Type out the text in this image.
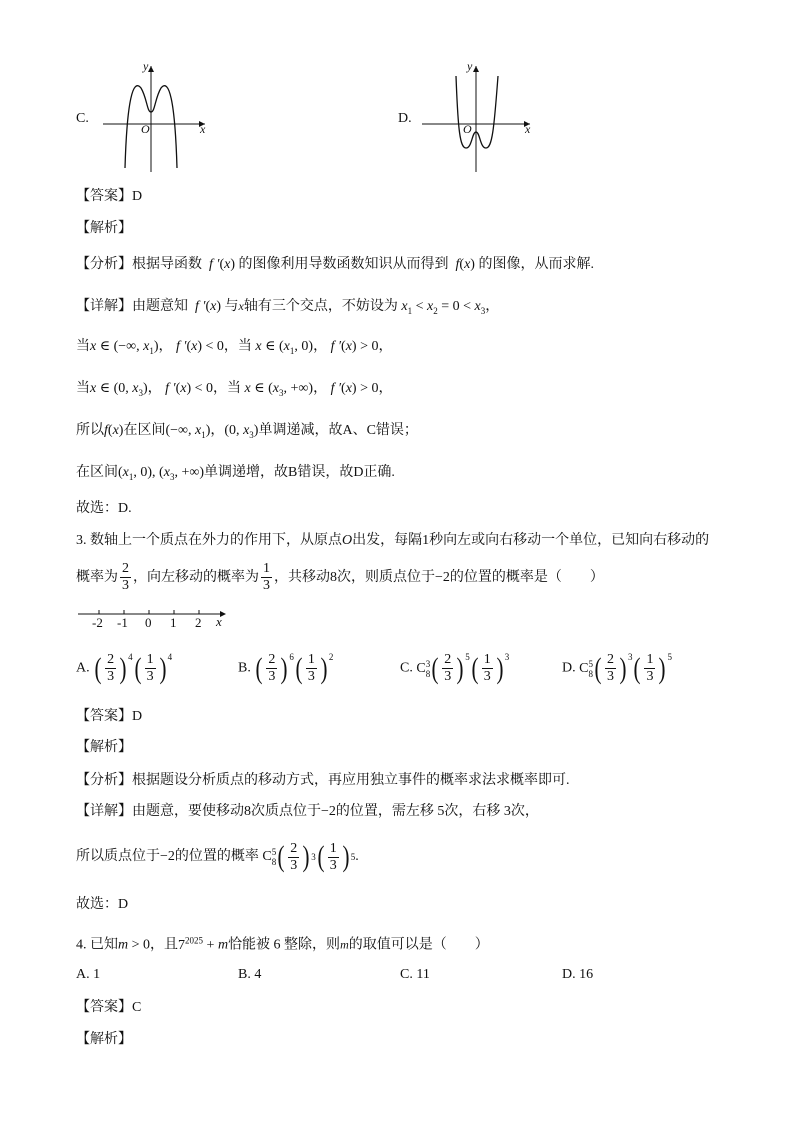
C.
y
x
O
D.
y
x
O
【答案】D
【解析】
【分析】根据导函数  f ′(x) 的图像利用导数函数知识从而得到  f(x) 的图像，从而求解.
【详解】由题意知  f ′(x) 与x轴有三个交点，不妨设为 $x_1 < x_2 = 0 < x_3$，
当x ∈ (−∞, $x_1$)， f ′(x) < 0，当 x ∈ ($x_1$, 0)， f ′(x) > 0，
当x ∈ (0, $x_3$)， f ′(x) < 0，当 x ∈ ($x_3$, +∞)， f ′(x) > 0，
所以f(x)在区间(−∞, $x_1$)，(0, $x_3$)单调递减，故A、C错误；
在区间($x_1$, 0), ($x_3$, +∞)单调递增，故B错误，故D正确.
故选：D.
3. 数轴上一个质点在外力的作用下，从原点O出发，每隔1秒向左或向右移动一个单位，已知向右移动的
概率为 $\frac{2}{3}$ ，向左移动的概率为 $\frac{1}{3}$ ，共移动8次，则质点位于−2的位置的概率是（　　）
-2 -1 0 1 2 x
A. ( $\frac{2}{3} )^4$ ( $\frac{1}{3} )^4$
B. ( $\frac{2}{3} )^6$ ( $\frac{1}{3} )^2$
C. C 3
8 ( $\frac{2}{3} )^5$ ( $\frac{1}{3} )^3$
D. C 5
8 ( $\frac{2}{3} )^3$ ( $\frac{1}{3} )^5$
【答案】D
【解析】
【分析】根据题设分析质点的移动方式，再应用独立事件的概率求法求概率即可.
【详解】由题意，要使移动8次质点位于−2的位置，需左移 5次，右移 3次，
所以质点位于−2的位置的概率 C 5
8 ( $\frac{2}{3}$ ) 3 ( $\frac{1}{3}$ ) 5 .
故选：D
4. 已知m > 0，且$7^{2025} + m$恰能被 6 整除，则m的取值可以是（　　）
A. 1	B. 4	C. 11	D. 16
【答案】C
【解析】
